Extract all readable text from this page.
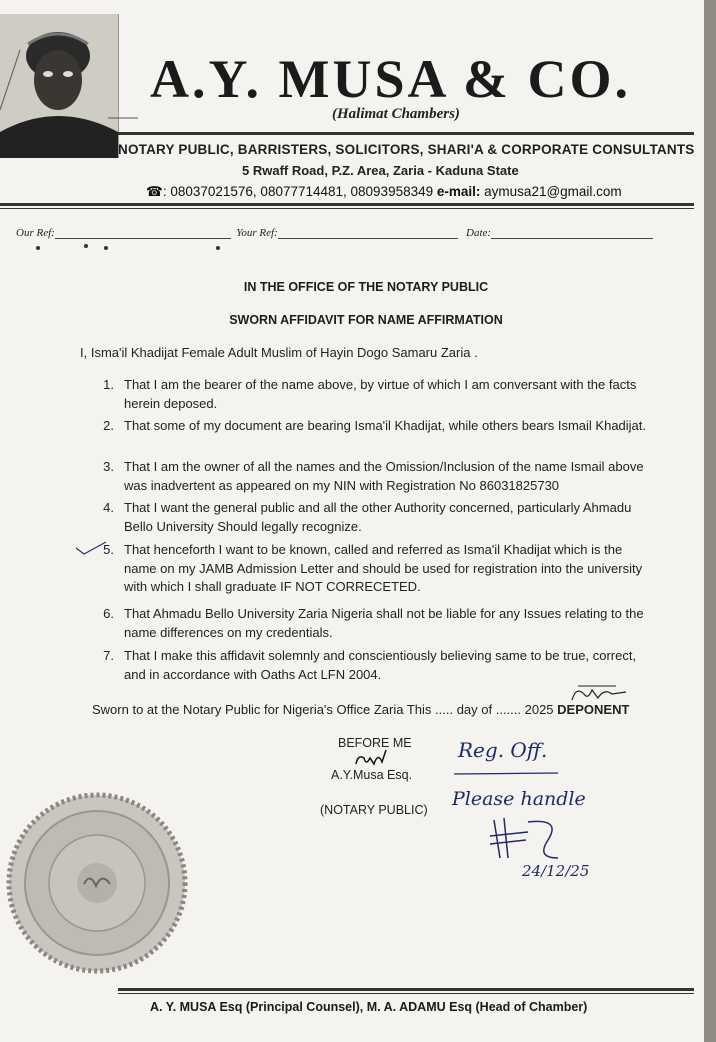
A.Y. MUSA & CO.
(Halimat Chambers)
NOTARY PUBLIC, BARRISTERS, SOLICITORS, SHARI'A & CORPORATE CONSULTANTS
5 Rwaff Road, P.Z. Area, Zaria - Kaduna State
☎: 08037021576, 08077714481, 08093958349 e-mail: aymusa21@gmail.com
Our Ref:	Your Ref:	Date:
IN THE OFFICE OF THE NOTARY PUBLIC
SWORN AFFIDAVIT FOR NAME AFFIRMATION
I, Isma'il Khadijat Female Adult Muslim of Hayin Dogo Samaru Zaria .
1. That I am the bearer of the name above, by virtue of which I am conversant with the facts herein deposed.
2. That some of my document are bearing Isma'il Khadijat, while others bears Ismail Khadijat.
3. That I am the owner of all the names and the Omission/Inclusion of the name Ismail above was inadvertent as appeared on my NIN with Registration No 86031825730
4. That I want the general public and all the other Authority concerned, particularly Ahmadu Bello University Should legally recognize.
5. That henceforth I want to be known, called and referred as Isma'il Khadijat which is the name on my JAMB Admission Letter and should be used for registration into the university with which I shall graduate IF NOT CORRECETED.
6. That Ahmadu Bello University Zaria Nigeria shall not be liable for any Issues relating to the name differences on my credentials.
7. That I make this affidavit solemnly and conscientiously believing same to be true, correct, and in accordance with Oaths Act LFN 2004.
Sworn to at the Notary Public for Nigeria's Office Zaria This ..... day of ....... 2025 DEPONENT
BEFORE ME
A.Y.Musa Esq.
(NOTARY PUBLIC)
Reg. Off.
Please handle
24/12/25
A. Y. MUSA Esq (Principal Counsel), M. A. ADAMU Esq (Head of Chamber)
